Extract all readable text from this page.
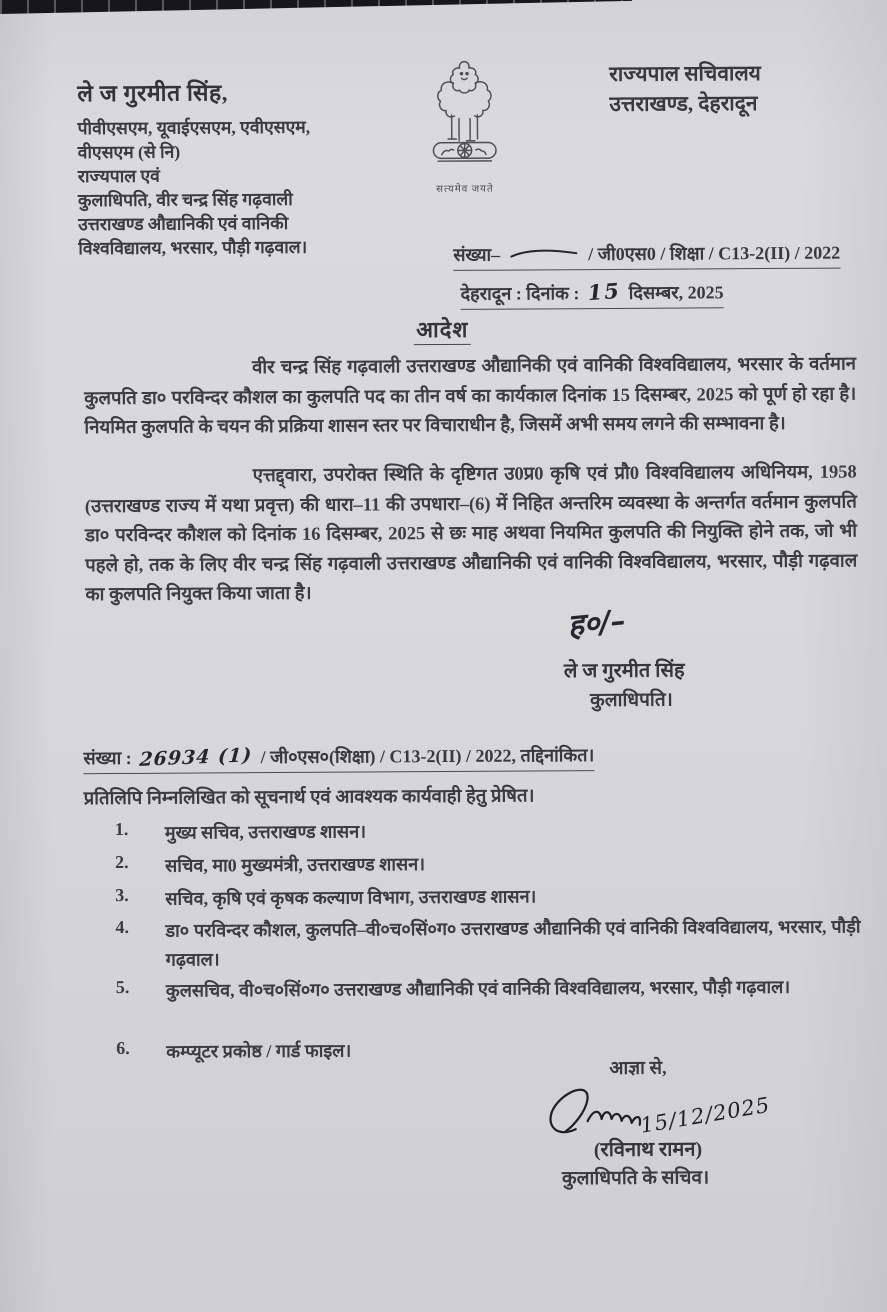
ले ज गुरमीत सिंह,
पीवीएसएम, यूवाईएसएम, एवीएसएम,
वीएसएम (से नि)
राज्यपाल एवं
कुलाधिपति, वीर चन्द्र सिंह गढ़वाली
उत्तराखण्ड औद्यानिकी एवं वानिकी
विश्वविद्यालय, भरसार, पौड़ी गढ़वाल।
सत्यमेव जयते
राज्यपाल सचिवालय
उत्तराखण्ड, देहरादून
संख्या–	/ जी0एस0 / शिक्षा / C13-2(II) / 2022
देहरादून : दिनांक : 15 दिसम्बर, 2025
आदेश
वीर चन्द्र सिंह गढ़वाली उत्तराखण्ड औद्यानिकी एवं वानिकी विश्वविद्यालय, भरसार के वर्तमान कुलपति डा० परविन्दर कौशल का कुलपति पद का तीन वर्ष का कार्यकाल दिनांक 15 दिसम्बर, 2025 को पूर्ण हो रहा है। नियमित कुलपति के चयन की प्रक्रिया शासन स्तर पर विचाराधीन है, जिसमें अभी समय लगने की सम्भावना है।
एत्तद्द्वारा, उपरोक्त स्थिति के दृष्टिगत उ0प्र0 कृषि एवं प्रौ0 विश्वविद्यालय अधिनियम, 1958 (उत्तराखण्ड राज्य में यथा प्रवृत्त) की धारा–11 की उपधारा–(6) में निहित अन्तरिम व्यवस्था के अन्तर्गत वर्तमान कुलपति डा० परविन्दर कौशल को दिनांक 16 दिसम्बर, 2025 से छः माह अथवा नियमित कुलपति की नियुक्ति होने तक, जो भी पहले हो, तक के लिए वीर चन्द्र सिंह गढ़वाली उत्तराखण्ड औद्यानिकी एवं वानिकी विश्वविद्यालय, भरसार, पौड़ी गढ़वाल का कुलपति नियुक्त किया जाता है।
ह०/–
ले ज गुरमीत सिंह
कुलाधिपति।
संख्या : 26934 (1) / जी०एस०(शिक्षा) / C13-2(II) / 2022, तद्दिनांकित।
प्रतिलिपि निम्नलिखित को सूचनार्थ एवं आवश्यक कार्यवाही हेतु प्रेषित।
1.	मुख्य सचिव, उत्तराखण्ड शासन।
2.	सचिव, मा0 मुख्यमंत्री, उत्तराखण्ड शासन।
3.	सचिव, कृषि एवं कृषक कल्याण विभाग, उत्तराखण्ड शासन।
4.	डा० परविन्दर कौशल, कुलपति–वी०च०सिं०ग० उत्तराखण्ड औद्यानिकी एवं वानिकी विश्वविद्यालय, भरसार, पौड़ी गढ़वाल।
5.	कुलसचिव, वी०च०सिं०ग० उत्तराखण्ड औद्यानिकी एवं वानिकी विश्वविद्यालय, भरसार, पौड़ी गढ़वाल।
6.	कम्प्यूटर प्रकोष्ठ / गार्ड फाइल।
आज्ञा से,
15/12/2025
(रविनाथ रामन)
कुलाधिपति के सचिव।
